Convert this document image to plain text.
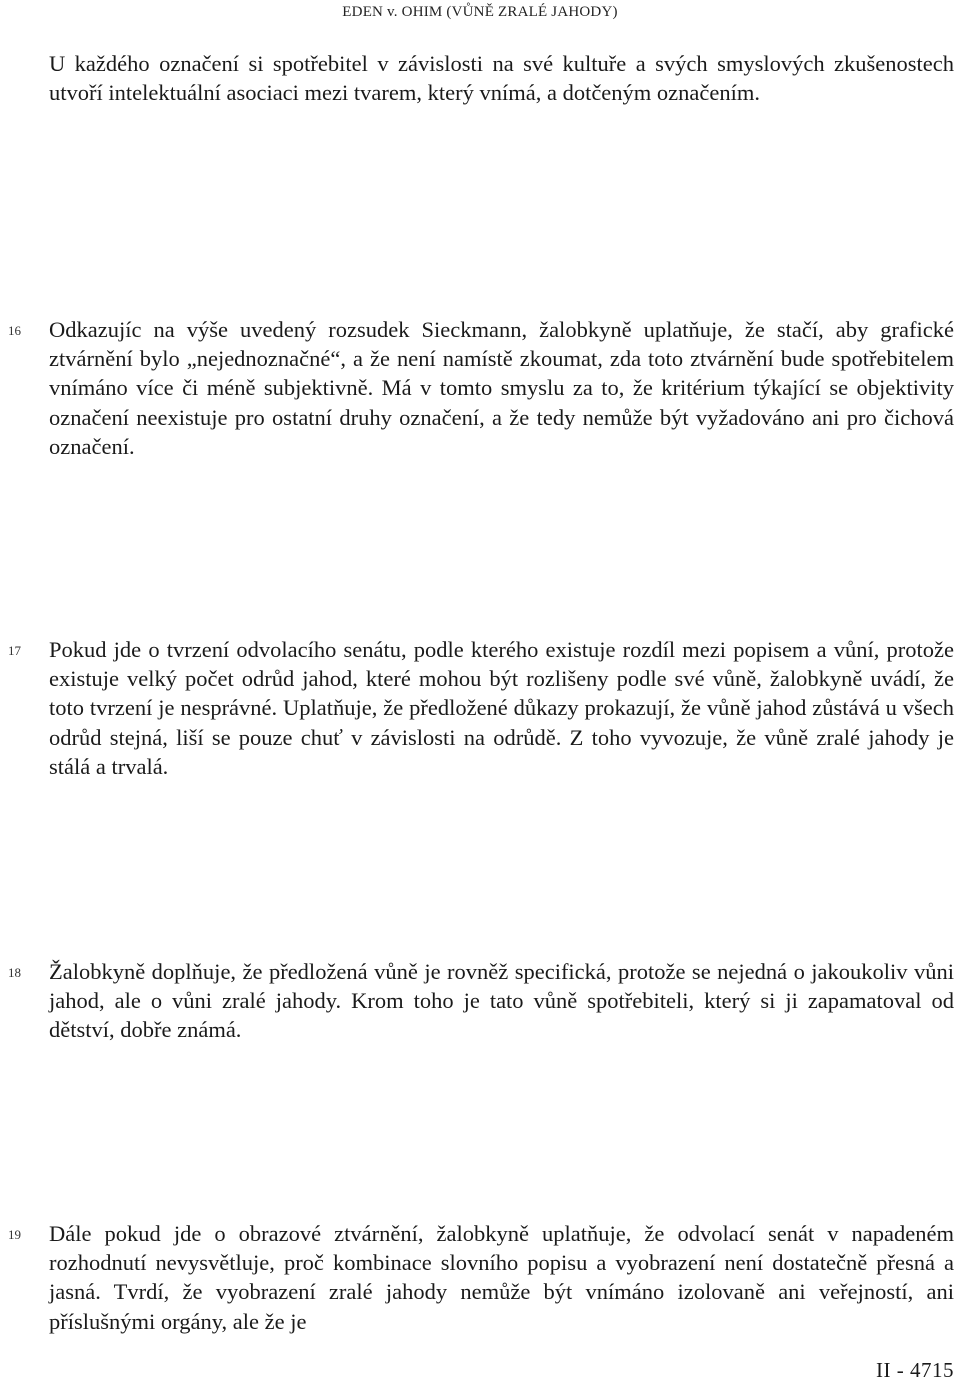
EDEN v. OHIM (VŮNĚ ZRALÉ JAHODY)
U každého označení si spotřebitel v závislosti na své kultuře a svých smyslových zkušenostech utvoří intelektuální asociaci mezi tvarem, který vnímá, a dotčeným označením.
16 Odkazujíc na výše uvedený rozsudek Sieckmann, žalobkyně uplatňuje, že stačí, aby grafické ztvárnění bylo „nejednoznačné“, a že není namístě zkoumat, zda toto ztvárnění bude spotřebitelem vnímáno více či méně subjektivně. Má v tomto smyslu za to, že kritérium týkající se objektivity označení neexistuje pro ostatní druhy označení, a že tedy nemůže být vyžadováno ani pro čichová označení.
17 Pokud jde o tvrzení odvolacího senátu, podle kterého existuje rozdíl mezi popisem a vůní, protože existuje velký počet odrůd jahod, které mohou být rozlišeny podle své vůně, žalobkyně uvádí, že toto tvrzení je nesprávné. Uplatňuje, že předložené důkazy prokazují, že vůně jahod zůstává u všech odrůd stejná, liší se pouze chuť v závislosti na odrůdě. Z toho vyvozuje, že vůně zralé jahody je stálá a trvalá.
18 Žalobkyně doplňuje, že předložená vůně je rovněž specifická, protože se nejedná o jakoukoliv vůni jahod, ale o vůni zralé jahody. Krom toho je tato vůně spotřebiteli, který si ji zapamatoval od dětství, dobře známá.
19 Dále pokud jde o obrazové ztvárnění, žalobkyně uplatňuje, že odvolací senát v napadeném rozhodnutí nevysvětluje, proč kombinace slovního popisu a vyobrazení není dostatečně přesná a jasná. Tvrdí, že vyobrazení zralé jahody nemůže být vnímáno izolovaně ani veřejností, ani příslušnými orgány, ale že je
II - 4715
